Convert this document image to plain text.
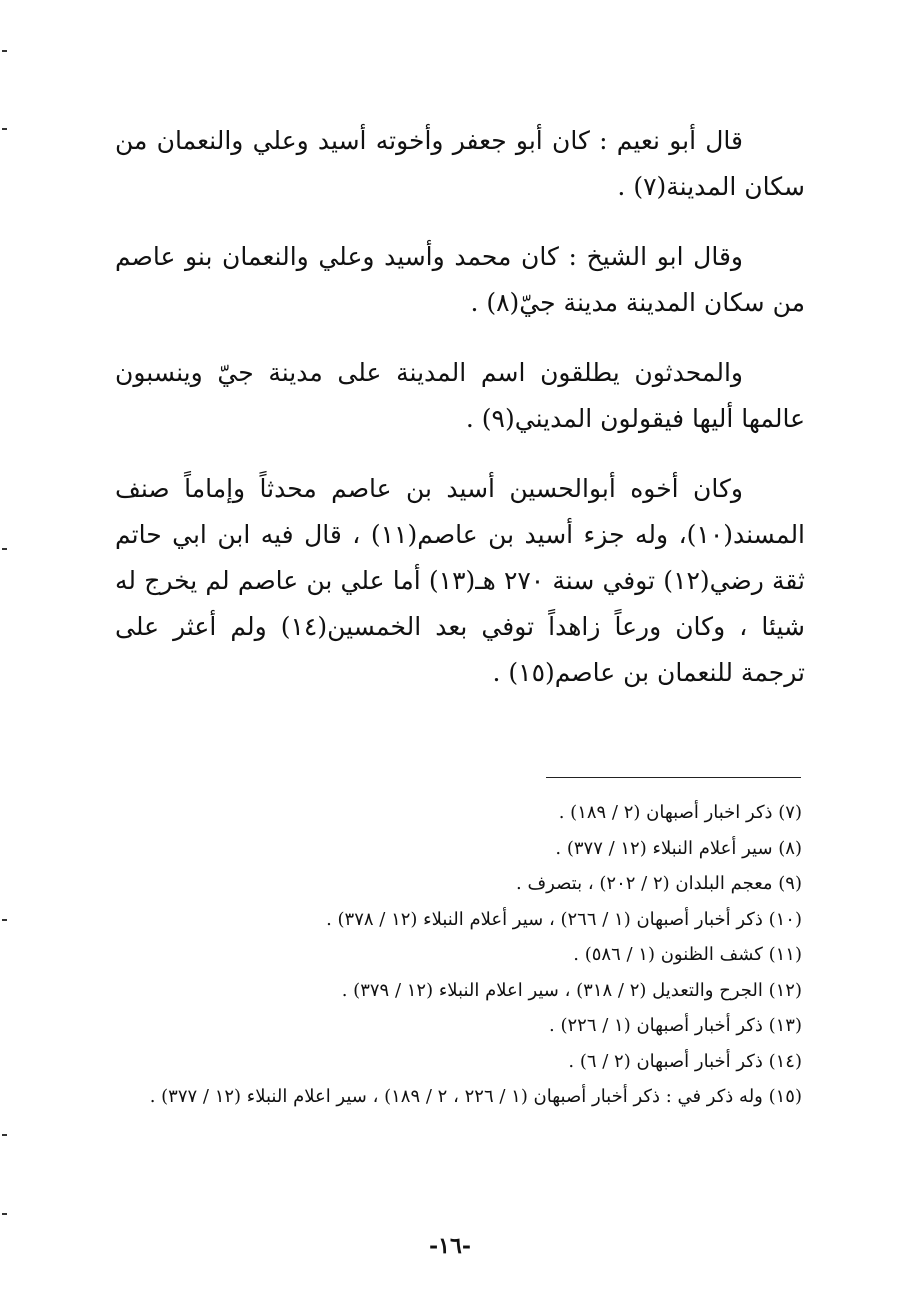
قال أبو نعيم : كان أبو جعفر وأخوته أسيد وعلي والنعمان من سكان المدينة(٧) .

وقال ابو الشيخ : كان محمد وأسيد وعلي والنعمان بنو عاصم من سكان المدينة مدينة جيّ(٨) .

والمحدثون يطلقون اسم المدينة على مدينة جيّ وينسبون عالمها أليها فيقولون المديني(٩) .

وكان أخوه أبوالحسين أسيد بن عاصم محدثاً وإماماً صنف المسند(١٠)، وله جزء أسيد بن عاصم(١١) ، قال فيه ابن ابي حاتم ثقة رضي(١٢) توفي سنة ٢٧٠ هـ(١٣) أما علي بن عاصم لم يخرج له شيئا ، وكان ورعاً زاهداً توفي بعد الخمسين(١٤) ولم أعثر على ترجمة للنعمان بن عاصم(١٥) .

(٧) ذكر اخبار أصبهان (٢ / ١٨٩) .

(٨) سير أعلام النبلاء (١٢ / ٣٧٧) .

(٩) معجم البلدان (٢ / ٢٠٢) ، بتصرف .

(١٠) ذكر أخبار أصبهان (١ / ٢٦٦) ، سير أعلام النبلاء (١٢ / ٣٧٨) .

(١١) كشف الظنون (١ / ٥٨٦) .

(١٢) الجرح والتعديل (٢ / ٣١٨) ، سير اعلام النبلاء (١٢ / ٣٧٩) .

(١٣) ذكر أخبار أصبهان (١ / ٢٢٦) .

(١٤) ذكر أخبار أصبهان (٢ / ٦) .

(١٥) وله ذكر في : ذكر أخبار أصبهان (١ / ٢٢٦ ، ٢ / ١٨٩) ، سير اعلام النبلاء (١٢ / ٣٧٧) .

-١٦-
